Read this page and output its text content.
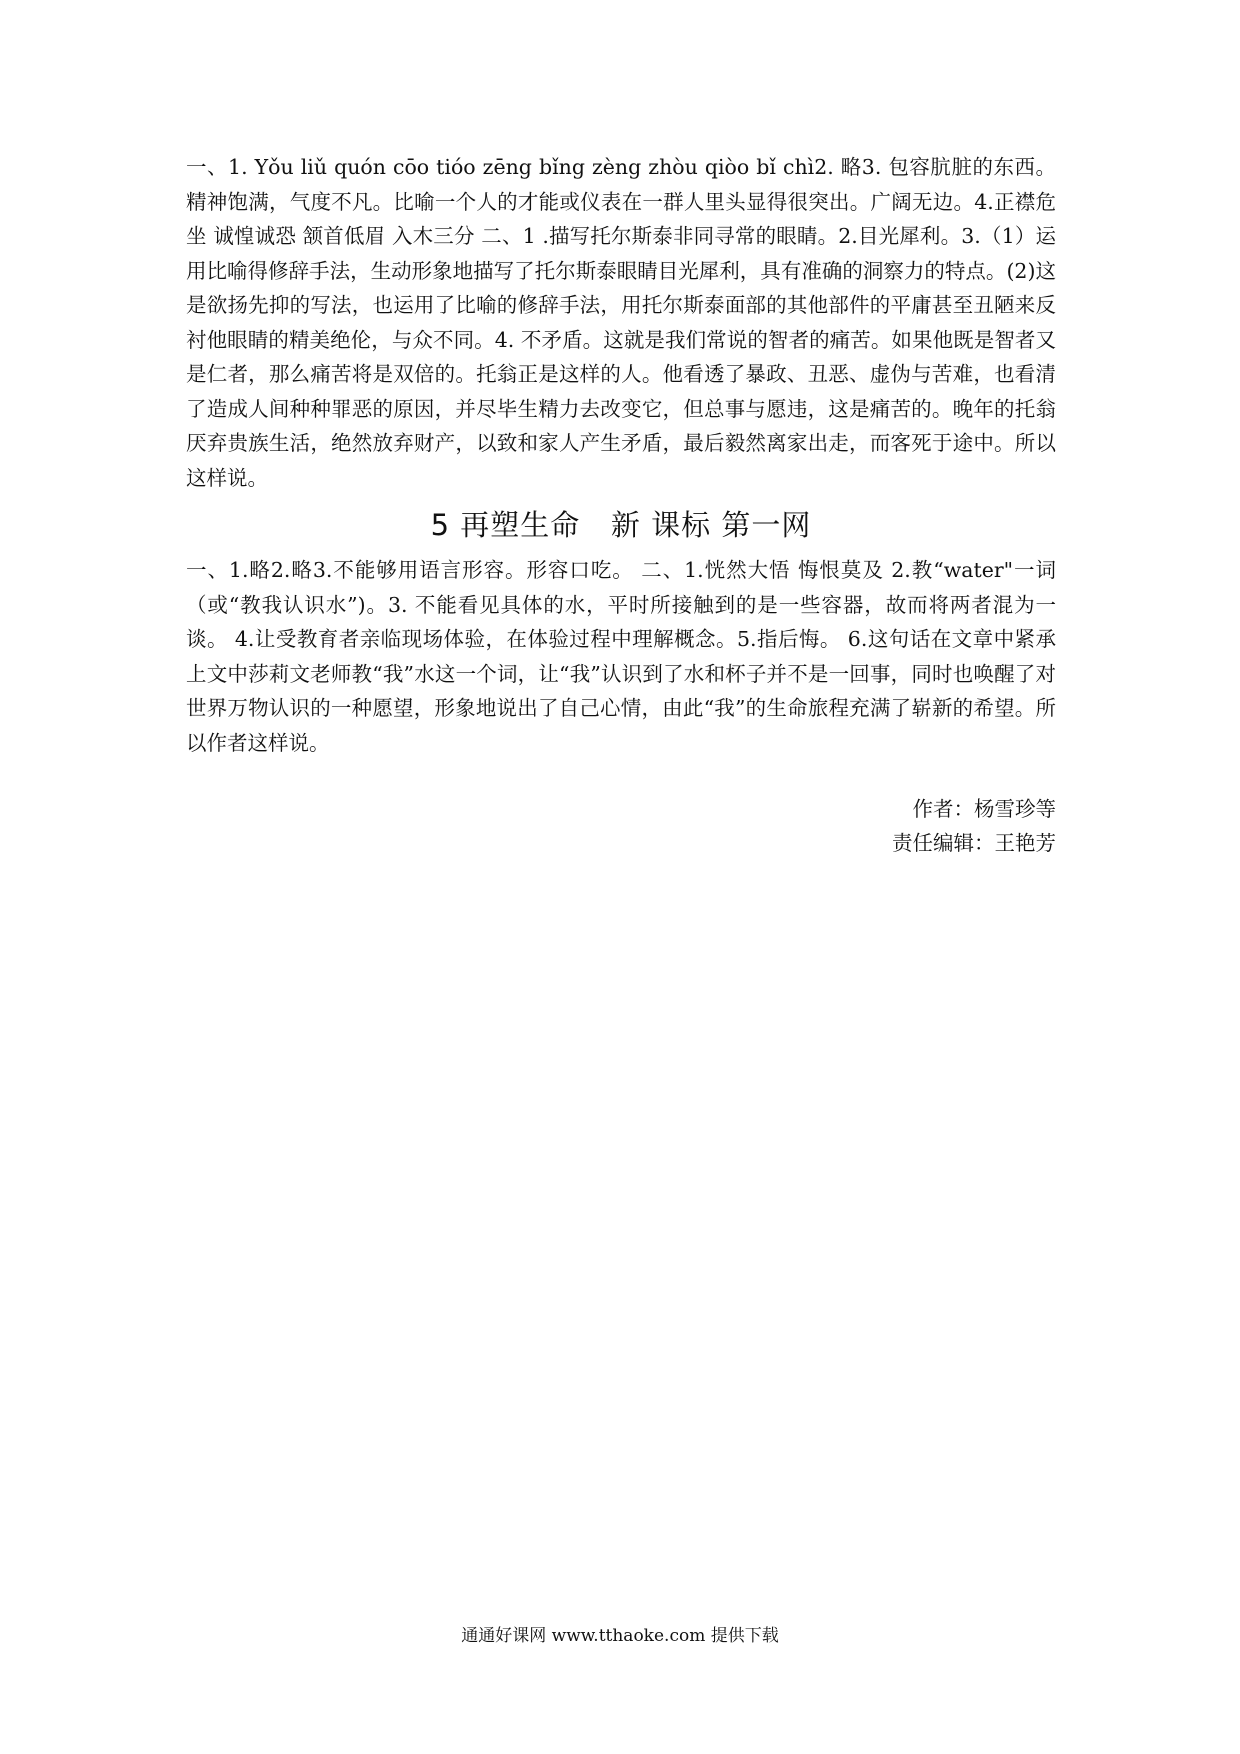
一、1. Yǒu liǔ quón cōo tióo zēng bǐng zèng zhòu qiòo bǐ chì2. 略3. 包容肮脏的东西。精神饱满，气度不凡。比喻一个人的才能或仪表在一群人里头显得很突出。广阔无边。4.正襟危坐 诚惶诚恐 颔首低眉 入木三分 二、1 .描写托尔斯泰非同寻常的眼睛。2.目光犀利。3.（1）运用比喻得修辞手法，生动形象地描写了托尔斯泰眼睛目光犀利，具有准确的洞察力的特点。(2)这是欲扬先抑的写法，也运用了比喻的修辞手法，用托尔斯泰面部的其他部件的平庸甚至丑陋来反衬他眼睛的精美绝伦，与众不同。4. 不矛盾。这就是我们常说的智者的痛苦。如果他既是智者又是仁者，那么痛苦将是双倍的。托翁正是这样的人。他看透了暴政、丑恶、虚伪与苦难，也看清了造成人间种种罪恶的原因，并尽毕生精力去改变它，但总事与愿违，这是痛苦的。晚年的托翁厌弃贵族生活，绝然放弃财产，以致和家人产生矛盾，最后毅然离家出走，而客死于途中。所以这样说。

5 再塑生命   新 课标 第一网

一、1.略2.略3.不能够用语言形容。形容口吃。 二、1.恍然大悟 悔恨莫及 2.教“water"一词（或“教我认识水”)。3. 不能看见具体的水，平时所接触到的是一些容器，故而将两者混为一谈。 4.让受教育者亲临现场体验，在体验过程中理解概念。5.指后悔。 6.这句话在文章中紧承上文中莎莉文老师教“我”水这一个词，让“我”认识到了水和杯子并不是一回事，同时也唤醒了对世界万物认识的一种愿望，形象地说出了自己心情，由此“我”的生命旅程充满了崭新的希望。所以作者这样说。

作者：杨雪珍等
责任编辑：王艳芳
通通好课网 www.tthaoke.com 提供下载
